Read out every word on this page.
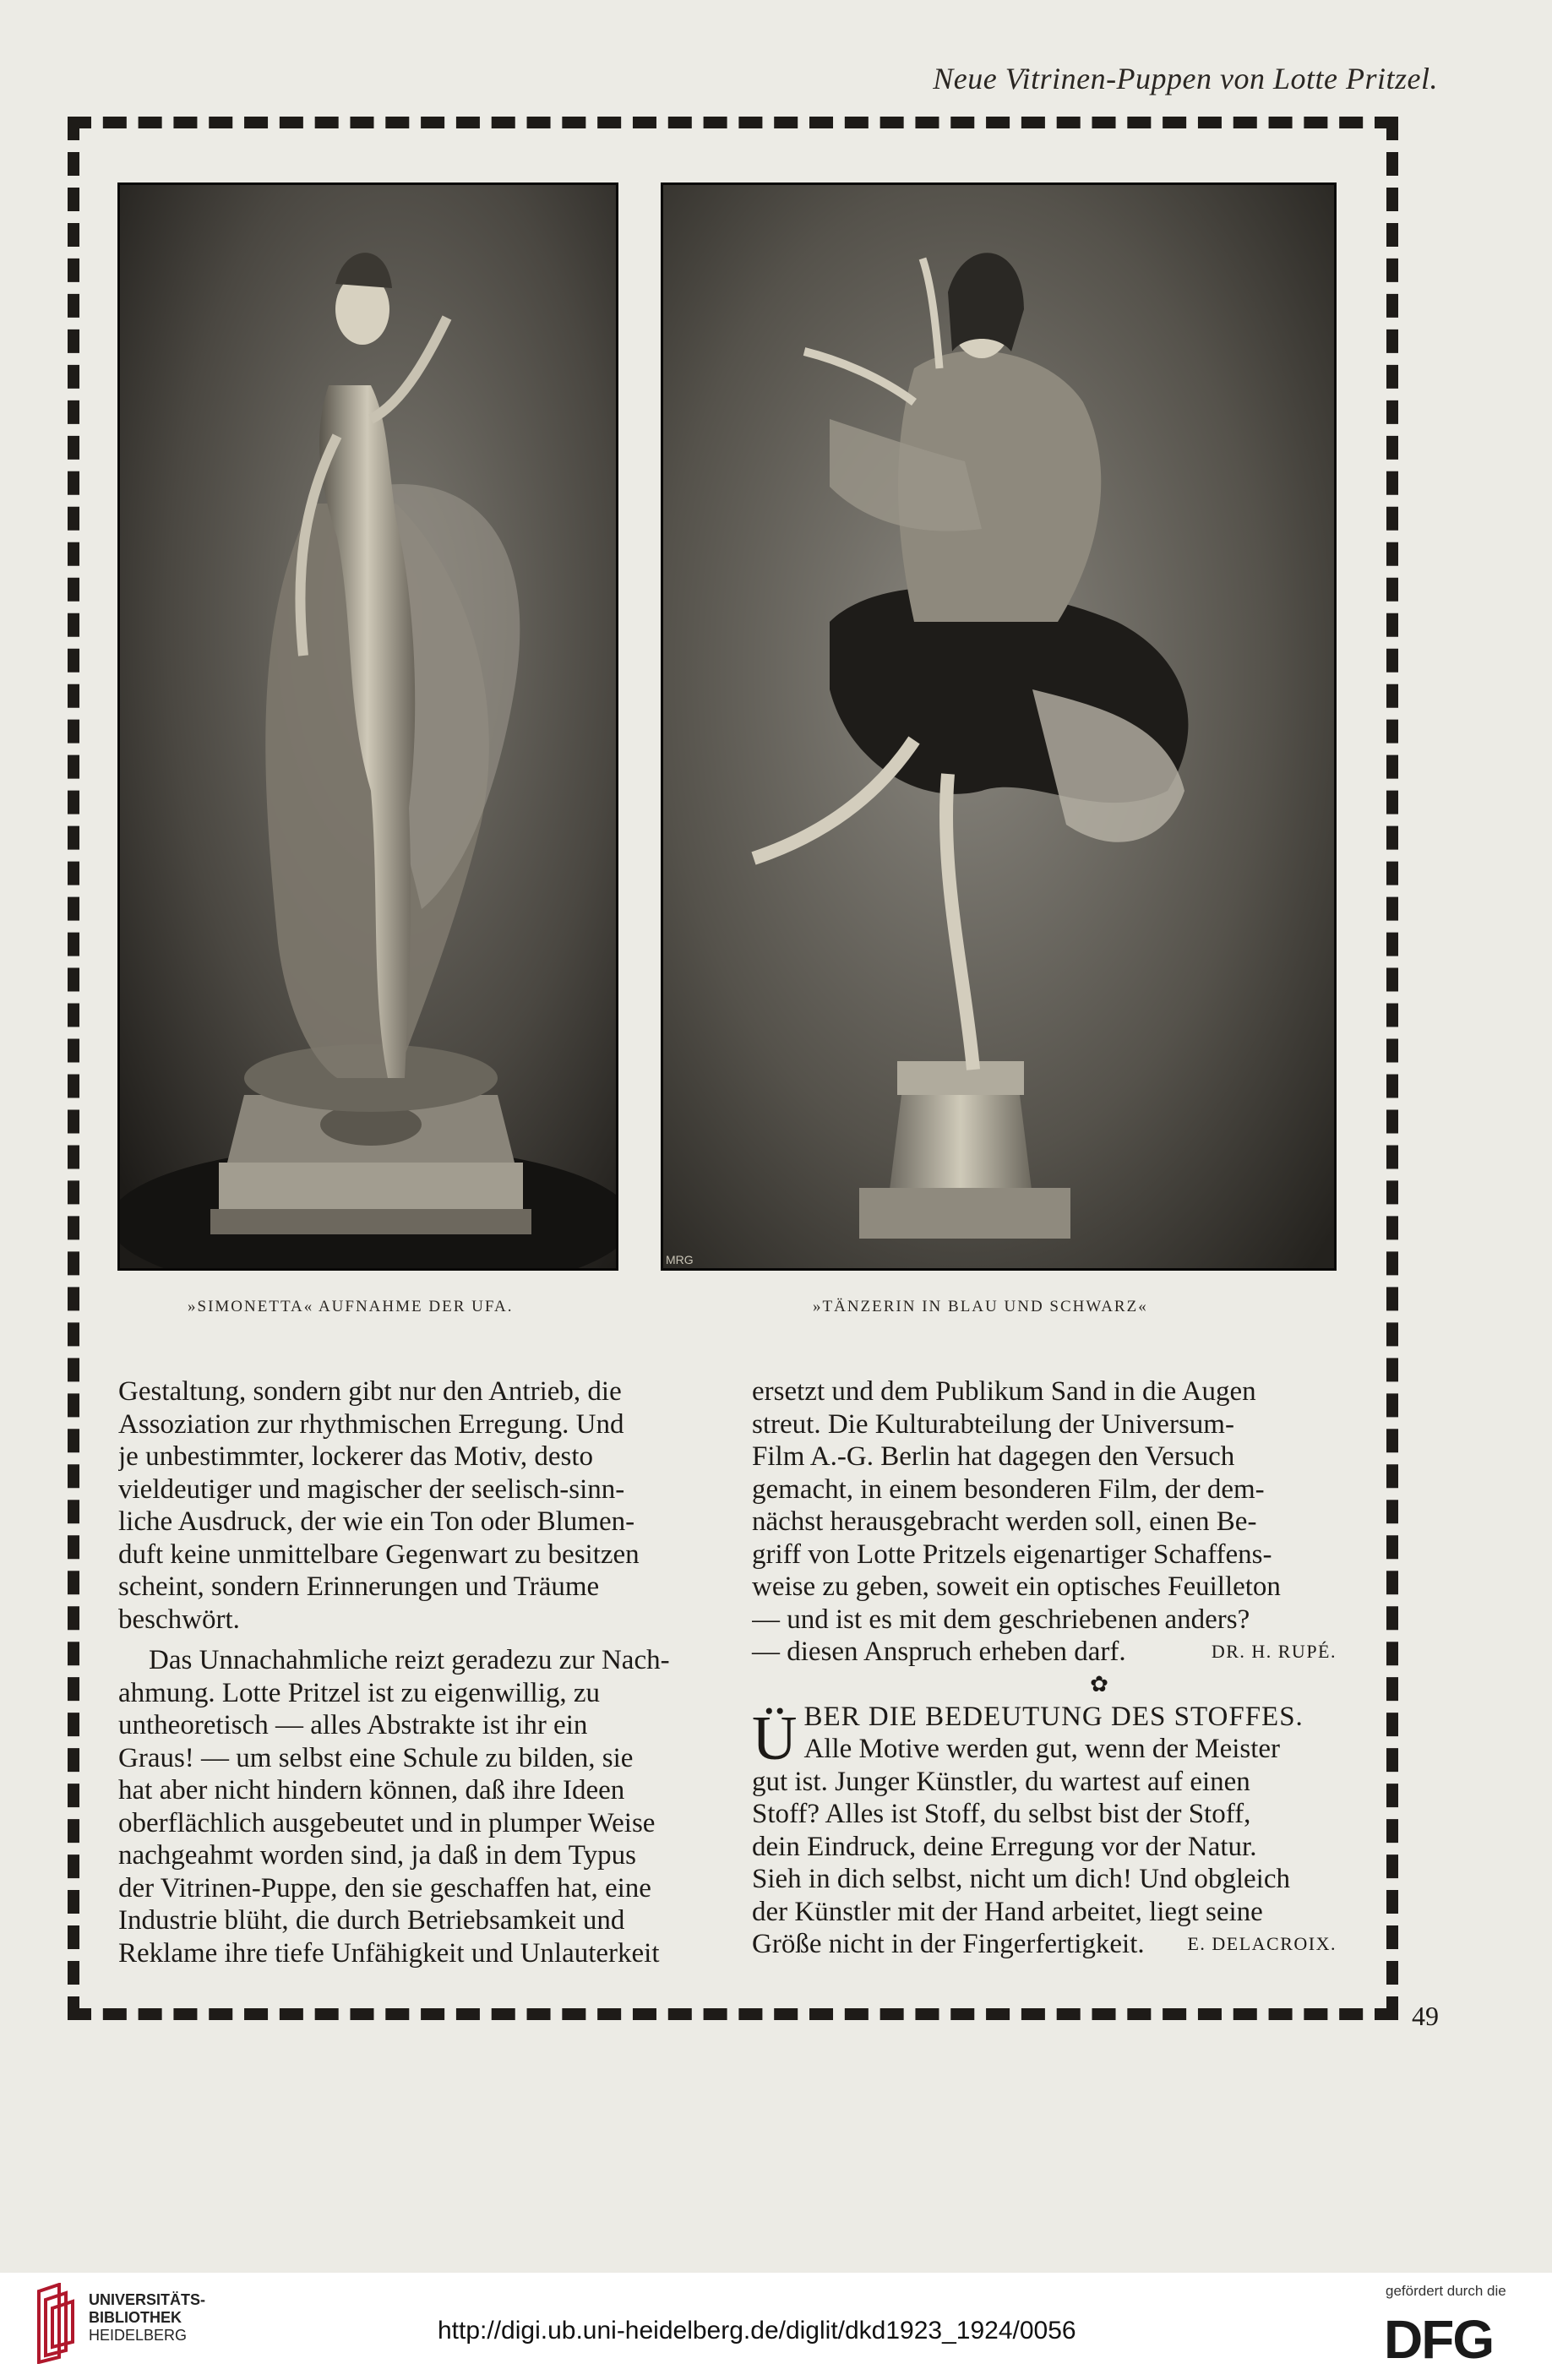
Neue Vitrinen-Puppen von Lotte Pritzel.
MRG
»SIMONETTA« AUFNAHME DER UFA.	»TÄNZERIN IN BLAU UND SCHWARZ«
Gestaltung, sondern gibt nur den Antrieb, die
Assoziation zur rhythmischen Erregung. Und
je unbestimmter, lockerer das Motiv, desto
vieldeutiger und magischer der seelisch-sinn-
liche Ausdruck, der wie ein Ton oder Blumen-
duft keine unmittelbare Gegenwart zu besitzen
scheint, sondern Erinnerungen und Träume
beschwört.
Das Unnachahmliche reizt geradezu zur Nach-
ahmung. Lotte Pritzel ist zu eigenwillig, zu
untheoretisch — alles Abstrakte ist ihr ein
Graus! — um selbst eine Schule zu bilden, sie
hat aber nicht hindern können, daß ihre Ideen
oberflächlich ausgebeutet und in plumper Weise
nachgeahmt worden sind, ja daß in dem Typus
der Vitrinen-Puppe, den sie geschaffen hat, eine
Industrie blüht, die durch Betriebsamkeit und
Reklame ihre tiefe Unfähigkeit und Unlauterkeit
ersetzt und dem Publikum Sand in die Augen
streut. Die Kulturabteilung der Universum-
Film A.-G. Berlin hat dagegen den Versuch
gemacht, in einem besonderen Film, der dem-
nächst herausgebracht werden soll, einen Be-
griff von Lotte Pritzels eigenartiger Schaffens-
weise zu geben, soweit ein optisches Feuilleton
— und ist es mit dem geschriebenen anders?
— diesen Anspruch erheben darf.	DR. H. RUPÉ.
✿
Ü BER DIE BEDEUTUNG DES STOFFES.
Alle Motive werden gut, wenn der Meister
gut ist. Junger Künstler, du wartest auf einen
Stoff? Alles ist Stoff, du selbst bist der Stoff,
dein Eindruck, deine Erregung vor der Natur.
Sieh in dich selbst, nicht um dich! Und obgleich
der Künstler mit der Hand arbeitet, liegt seine
Größe nicht in der Fingerfertigkeit. E. DELACROIX.
49
UNIVERSITÄTS-
BIBLIOTHEK
HEIDELBERG	http://digi.ub.uni-heidelberg.de/diglit/dkd1923_1924/0056
gefördert durch die
DFG
